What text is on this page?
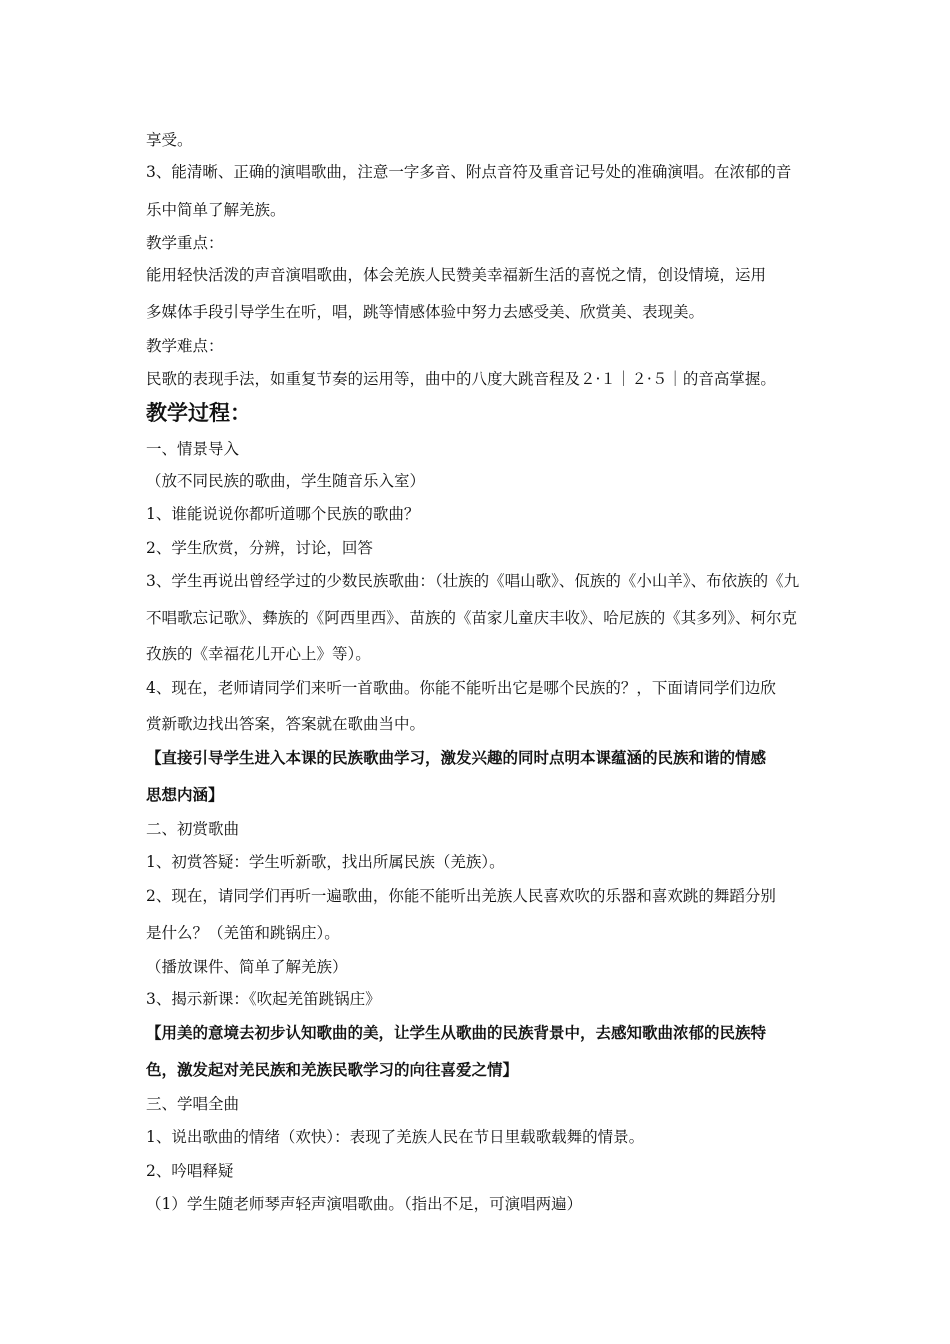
享受。
3、能清晰、正确的演唱歌曲，注意一字多音、附点音符及重音记号处的准确演唱。在浓郁的音
乐中简单了解羌族。
教学重点：
能用轻快活泼的声音演唱歌曲，体会羌族人民赞美幸福新生活的喜悦之情，创设情境，运用
多媒体手段引导学生在听，唱，跳等情感体验中努力去感受美、欣赏美、表现美。
教学难点：
民歌的表现手法，如重复节奏的运用等，曲中的八度大跳音程及２·１｜２·５｜的音高掌握。
教学过程：
一、情景导入
（放不同民族的歌曲，学生随音乐入室）
1、谁能说说你都听道哪个民族的歌曲？
2、学生欣赏，分辨，讨论，回答
3、学生再说出曾经学过的少数民族歌曲：（壮族的《唱山歌》、佤族的《小山羊》、布依族的《九
不唱歌忘记歌》、彝族的《阿西里西》、苗族的《苗家儿童庆丰收》、哈尼族的《其多列》、柯尔克
孜族的《幸福花儿开心上》等）。
4、现在，老师请同学们来听一首歌曲。你能不能听出它是哪个民族的？，下面请同学们边欣
赏新歌边找出答案，答案就在歌曲当中。
【直接引导学生进入本课的民族歌曲学习，激发兴趣的同时点明本课蕴涵的民族和谐的情感
思想内涵】
二、初赏歌曲
1、初赏答疑：学生听新歌，找出所属民族（羌族）。
2、现在，请同学们再听一遍歌曲，你能不能听出羌族人民喜欢吹的乐器和喜欢跳的舞蹈分别
是什么？（羌笛和跳锅庄）。
（播放课件、简单了解羌族）
3、揭示新课：《吹起羌笛跳锅庄》
【用美的意境去初步认知歌曲的美，让学生从歌曲的民族背景中，去感知歌曲浓郁的民族特
色，激发起对羌民族和羌族民歌学习的向往喜爱之情】
三、学唱全曲
1、说出歌曲的情绪（欢快）：表现了羌族人民在节日里载歌载舞的情景。
2、吟唱释疑
（1）学生随老师琴声轻声演唱歌曲。（指出不足，可演唱两遍）
